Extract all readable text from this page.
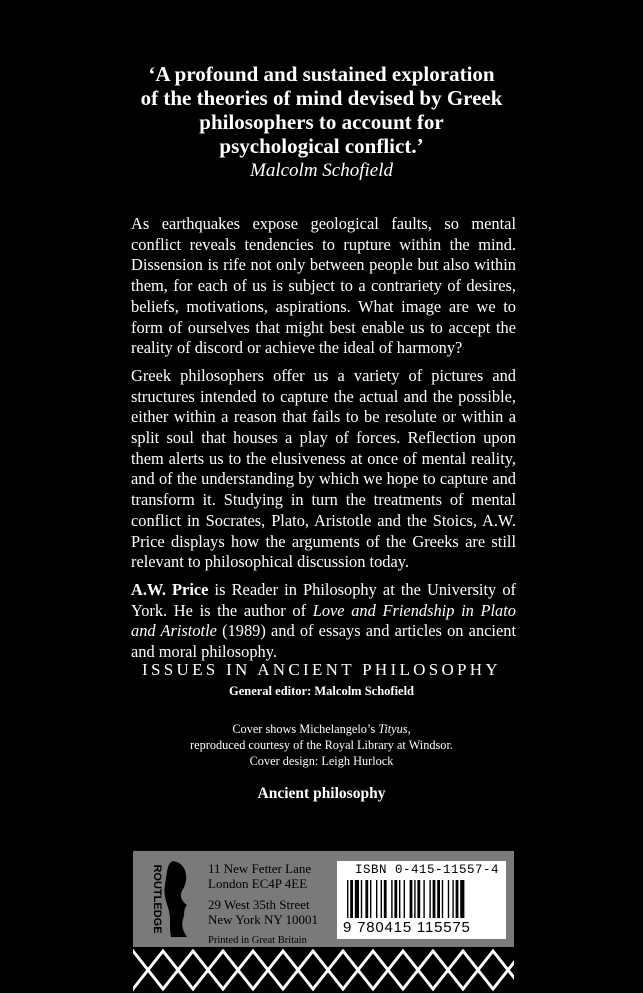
‘A profound and sustained exploration
of the theories of mind devised by Greek
philosophers to account for
psychological conflict.’
Malcolm Schofield

As earthquakes expose geological faults, so mental conflict reveals tendencies to rupture within the mind. Dissension is rife not only between people but also within them, for each of us is subject to a contrariety of desires, beliefs, motivations, aspirations. What image are we to form of ourselves that might best enable us to accept the reality of discord or achieve the ideal of harmony?

Greek philosophers offer us a variety of pictures and structures intended to capture the actual and the possible, either within a reason that fails to be resolute or within a split soul that houses a play of forces. Reflection upon them alerts us to the elusiveness at once of mental reality, and of the understanding by which we hope to capture and transform it. Studying in turn the treatments of mental conflict in Socrates, Plato, Aristotle and the Stoics, A.W. Price displays how the arguments of the Greeks are still relevant to philosophical discussion today.

A.W. Price is Reader in Philosophy at the University of York. He is the author of Love and Friendship in Plato and Aristotle (1989) and of essays and articles on ancient and moral philosophy.

ISSUES IN ANCIENT PHILOSOPHY
General editor: Malcolm Schofield
Cover shows Michelangelo’s Tityus,
reproduced courtesy of the Royal Library at Windsor.
Cover design: Leigh Hurlock
Ancient philosophy
ROUTLEDGE	11 New Fetter Lane
London EC4P 4EE
29 West 35th Street
New York NY 10001
Printed in Great Britain
ISBN 0-415-11557-4
9 780415 115575
